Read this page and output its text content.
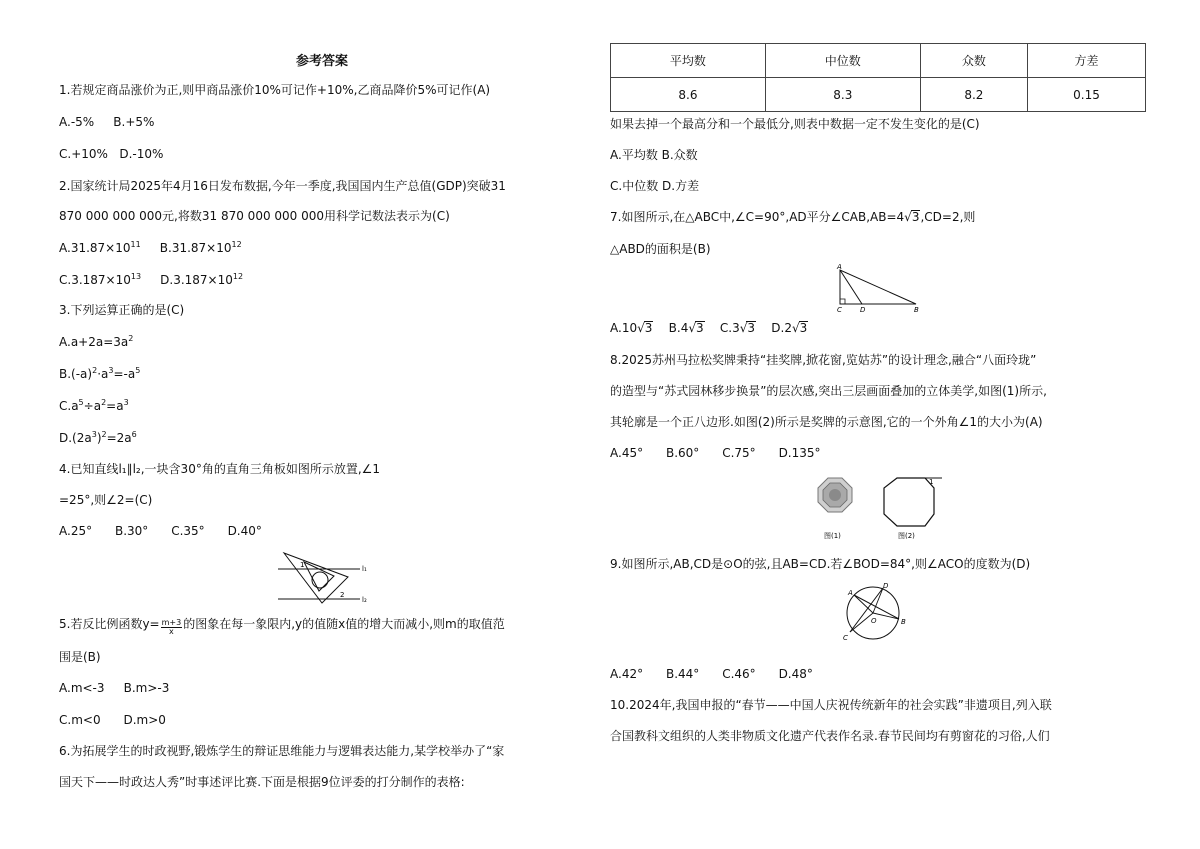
参考答案
1.若规定商品涨价为正,则甲商品涨价10%可记作+10%,乙商品降价5%可记作(A)
A.-5% B.+5%
C.+10% D.-10%
2.国家统计局2025年4月16日发布数据,今年一季度,我国国内生产总值(GDP)突破31
870 000 000 000元,将数31 870 000 000 000用科学记数法表示为(C)
$A.31.87\times 10^{11}$ $B.31.87\times 10^{12}$
$C.3.187\times 10^{13}$ $D.3.187\times 10^{12}$
3.下列运算正确的是(C)
$A.a+2a=3a^2$
$B.(-a)^2\cdot a^3=-a^5$
$C.a^5\div a^2=a^3$
$D.(2a^3)^2=2a^6$
4.已知直线l₁∥l₂,一块含30°角的直角三角板如图所示放置,∠1
=25°,则∠2=(C)
A.25° B.30° C.35° D.40°
1
2
l₁
l₂
5.若反比例函数$y= \frac{m+3}{x}$ 的图象在每一象限内,y的值随x值的增大而减小,则m的取值范
围是(B)
A.m<-3 B.m>-3
C.m<0 D.m>0
6.为拓展学生的时政视野,锻炼学生的辩证思维能力与逻辑表达能力,某学校举办了“家
国天下——时政达人秀”时事述评比赛.下面是根据9位评委的打分制作的表格:
平均数	中位数	众数	方差
8.6	8.3	8.2	0.15
如果去掉一个最高分和一个最低分,则表中数据一定不发生变化的是(C)
A.平均数 B.众数
C.中位数 D.方差
7.如图所示,在△ABC中,∠C=90°,AD平分∠CAB,AB=4√3,CD=2,则
△ABD的面积是(B)
A
C	D	B
A.10√3 B.4√3 C.3√3 D.2√3
8.2025苏州马拉松奖牌秉持“挂奖牌,掀花窗,览姑苏”的设计理念,融合“八面玲珑”
的造型与“苏式园林移步换景”的层次感,突出三层画面叠加的立体美学,如图(1)所示,
其轮廓是一个正八边形.如图(2)所示是奖牌的示意图,它的一个外角∠1的大小为(A)
A.45° B.60° C.75° D.135°
图(1)
1
图(2)
9.如图所示,AB,CD是⊙O的弦,且AB=CD.若∠BOD=84°,则∠ACO的度数为(D)
A
D
B
C
O
A.42° B.44° C.46° D.48°
10.2024年,我国申报的“春节——中国人庆祝传统新年的社会实践”非遗项目,列入联
合国教科文组织的人类非物质文化遗产代表作名录.春节民间均有剪窗花的习俗,人们
